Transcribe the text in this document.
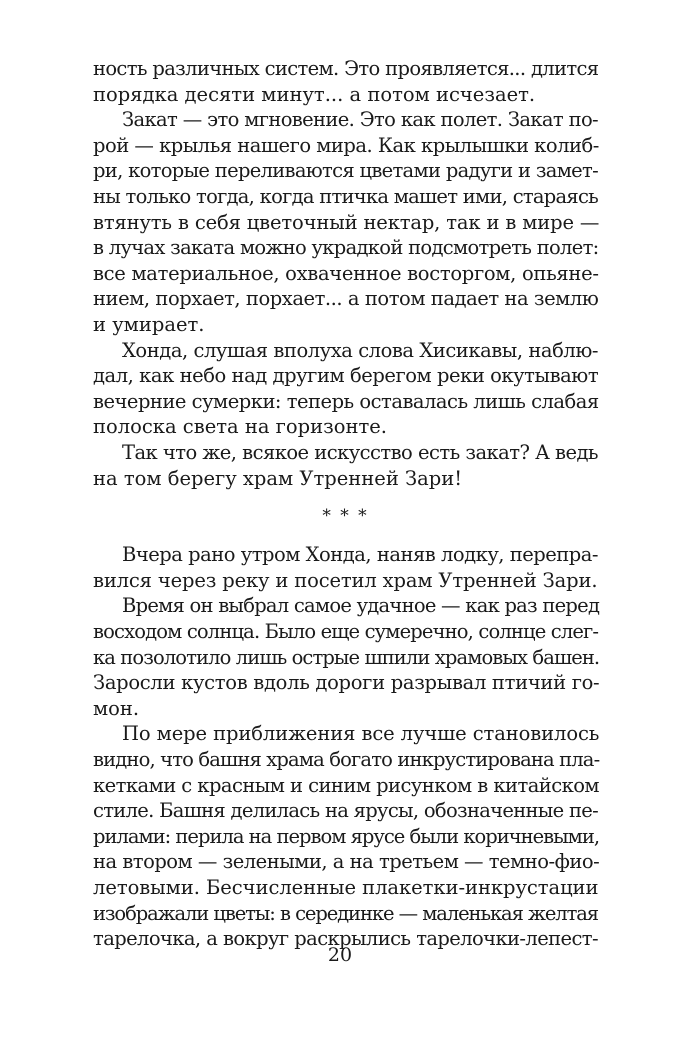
ность различных систем. Это проявляется... длится
порядка десяти минут... а потом исчезает.
Закат — это мгновение. Это как полет. Закат по-
рой — крылья нашего мира. Как крылышки колиб-
ри, которые переливаются цветами радуги и замет-
ны только тогда, когда птичка машет ими, стараясь
втянуть в себя цветочный нектар, так и в мире —
в лучах заката можно украдкой подсмотреть полет:
все материальное, охваченное восторгом, опьяне-
нием, порхает, порхает... а потом падает на землю
и умирает.
Хонда, слушая вполуха слова Хисикавы, наблю-
дал, как небо над другим берегом реки окутывают
вечерние сумерки: теперь оставалась лишь слабая
полоска света на горизонте.
Так что же, всякое искусство есть закат? А ведь
на том берегу храм Утренней Зари!
* * *
Вчера рано утром Хонда, наняв лодку, перепра-
вился через реку и посетил храм Утренней Зари.
Время он выбрал самое удачное — как раз перед
восходом солнца. Было еще сумеречно, солнце слег-
ка позолотило лишь острые шпили храмовых башен.
Заросли кустов вдоль дороги разрывал птичий го-
мон.
По мере приближения все лучше становилось
видно, что башня храма богато инкрустирована пла-
кетками с красным и синим рисунком в китайском
стиле. Башня делилась на ярусы, обозначенные пе-
рилами: перила на первом ярусе были коричневыми,
на втором — зелеными, а на третьем — темно-фио-
летовыми. Бесчисленные плакетки-инкрустации
изображали цветы: в серединке — маленькая желтая
тарелочка, а вокруг раскрылись тарелочки-лепест-
20
